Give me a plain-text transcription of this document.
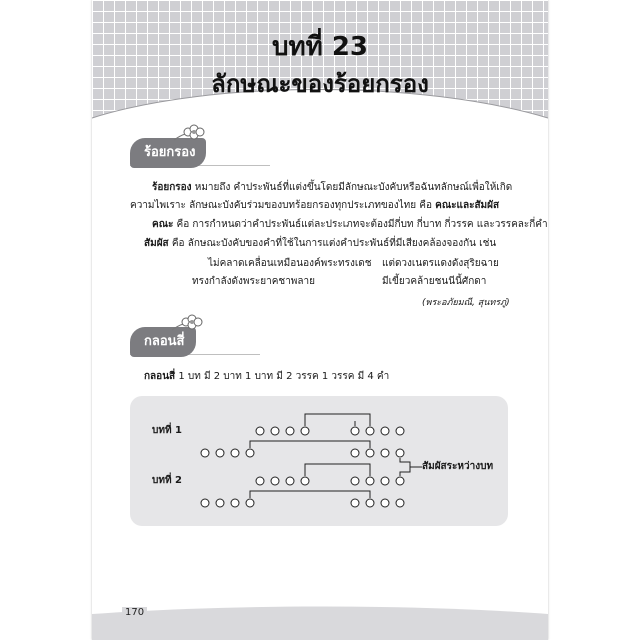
บทที่ 23
ลักษณะของร้อยกรอง
ร้อยกรอง
ร้อยกรอง หมายถึง คำประพันธ์ที่แต่งขึ้นโดยมีลักษณะบังคับหรือฉันทลักษณ์เพื่อให้เกิด
ความไพเราะ ลักษณะบังคับร่วมของบทร้อยกรองทุกประเภทของไทย คือ คณะและสัมผัส
คณะ คือ การกำหนดว่าคำประพันธ์แต่ละประเภทจะต้องมีกี่บท กี่บาท กี่วรรค และวรรคละกี่คำ
สัมผัส คือ ลักษณะบังคับของคำที่ใช้ในการแต่งคำประพันธ์ที่มีเสียงคล้องจองกัน เช่น
ไม่คลาดเคลื่อนเหมือนองค์พระทรงเดช แต่ดวงเนตรแดงดังสุริยฉาย
ทรงกำลังดังพระยาคชาพลาย	มีเขี้ยวคล้ายชนนีนี้ศักดา
(พระอภัยมณี, สุนทรภู่)
กลอนสี่
กลอนสี่ 1 บท มี 2 บาท 1 บาท มี 2 วรรค 1 วรรค มี 4 คำ
บทที่ 1
บทที่ 2
สัมผัสระหว่างบท
170
